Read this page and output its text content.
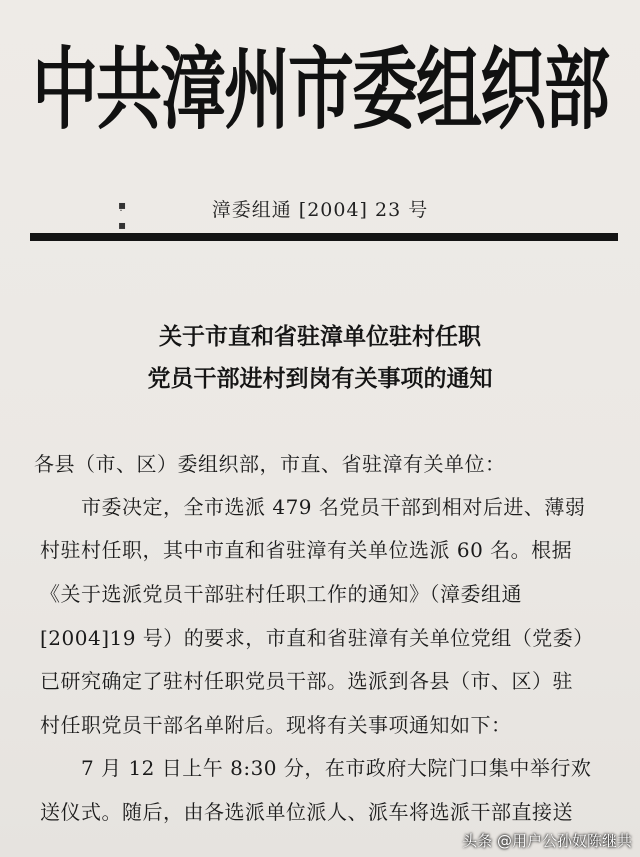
中共漳州市委组织部
▪
˙
▪
漳委组通 [2004] 23 号
关于市直和省驻漳单位驻村任职
党员干部进村到岗有关事项的通知
各县（市、区）委组织部，市直、省驻漳有关单位：
　　市委决定，全市选派 479 名党员干部到相对后进、薄弱
村驻村任职，其中市直和省驻漳有关单位选派 60 名。根据
《关于选派党员干部驻村任职工作的通知》（漳委组通
[2004]19 号）的要求，市直和省驻漳有关单位党组（党委）
已研究确定了驻村任职党员干部。选派到各县（市、区）驻
村任职党员干部名单附后。现将有关事项通知如下：
　　7 月 12 日上午 8:30 分，在市政府大院门口集中举行欢
送仪式。随后，由各选派单位派人、派车将选派干部直接送
头条 @用户公孙奴陈继共
